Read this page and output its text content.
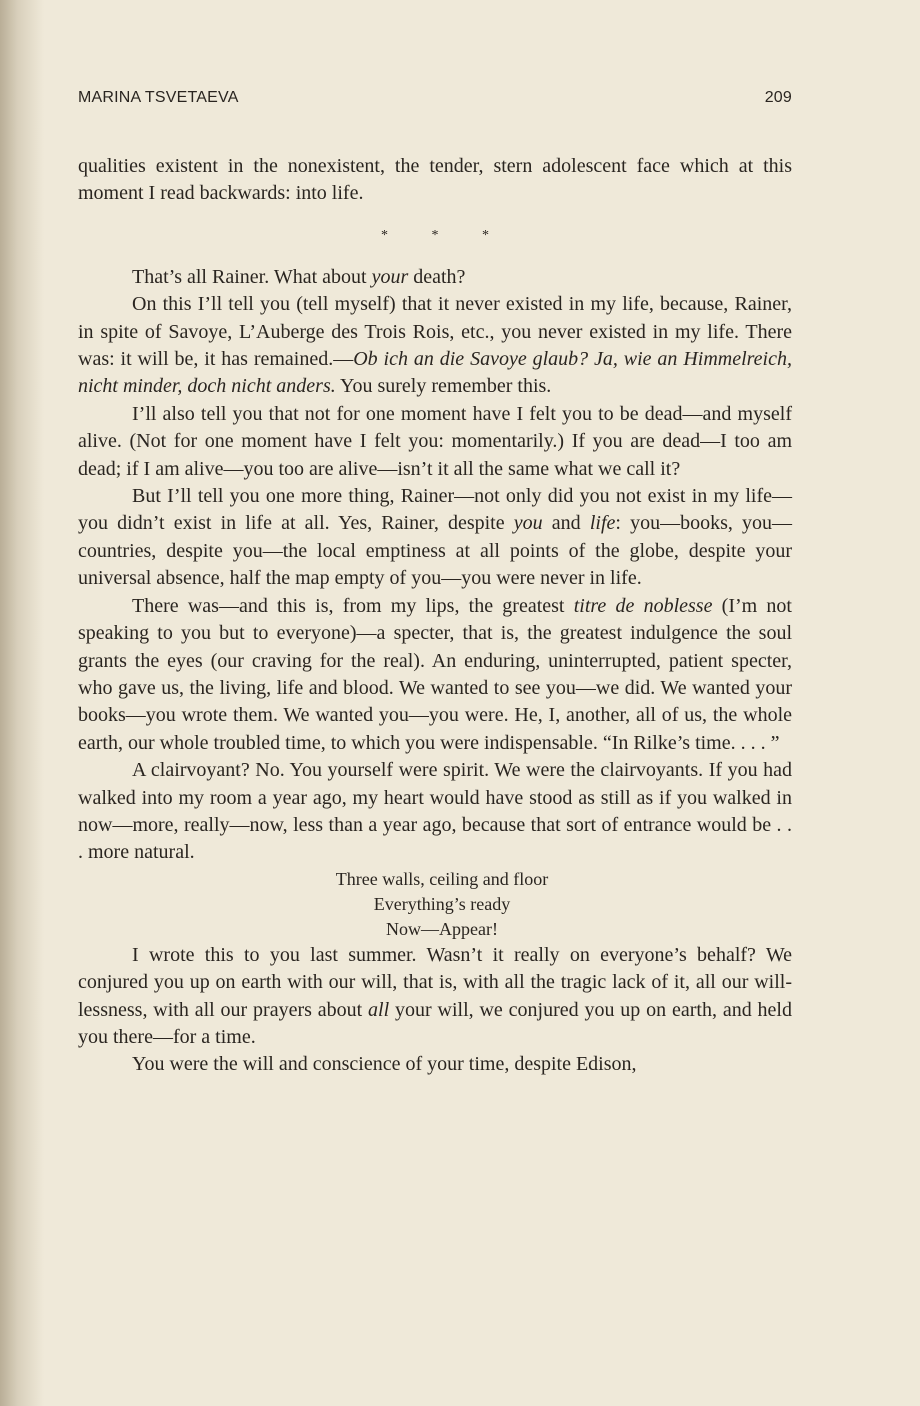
MARINA TSVETAEVA	209

qualities existent in the nonexistent, the tender, stern adolescent face which at this moment I read backwards: into life.

* * *

That’s all Rainer. What about your death?

On this I’ll tell you (tell myself) that it never existed in my life, because, Rainer, in spite of Savoye, L’Auberge des Trois Rois, etc., you never existed in my life. There was: it will be, it has remained.—Ob ich an die Savoye glaub? Ja, wie an Himmelreich, nicht minder, doch nicht anders. You surely remember this.

I’ll also tell you that not for one moment have I felt you to be dead—and myself alive. (Not for one moment have I felt you: momentarily.) If you are dead—I too am dead; if I am alive—you too are alive—isn’t it all the same what we call it?

But I’ll tell you one more thing, Rainer—not only did you not exist in my life—you didn’t exist in life at all. Yes, Rainer, despite you and life: you—books, you—countries, despite you—the local emptiness at all points of the globe, despite your universal absence, half the map empty of you—you were never in life.

There was—and this is, from my lips, the greatest titre de noblesse (I’m not speaking to you but to everyone)—a specter, that is, the greatest indulgence the soul grants the eyes (our craving for the real). An enduring, uninterrupted, patient specter, who gave us, the living, life and blood. We wanted to see you—we did. We wanted your books—you wrote them. We wanted you—you were. He, I, another, all of us, the whole earth, our whole troubled time, to which you were indispensable. “In Rilke’s time. . . . ”

A clairvoyant? No. You yourself were spirit. We were the clairvoyants. If you had walked into my room a year ago, my heart would have stood as still as if you walked in now—more, really—now, less than a year ago, because that sort of entrance would be . . . more natural.

Three walls, ceiling and floor
Everything’s ready
Now—Appear!

I wrote this to you last summer. Wasn’t it really on everyone’s behalf? We conjured you up on earth with our will, that is, with all the tragic lack of it, all our will-lessness, with all our prayers about all your will, we conjured you up on earth, and held you there—for a time.

You were the will and conscience of your time, despite Edison,
